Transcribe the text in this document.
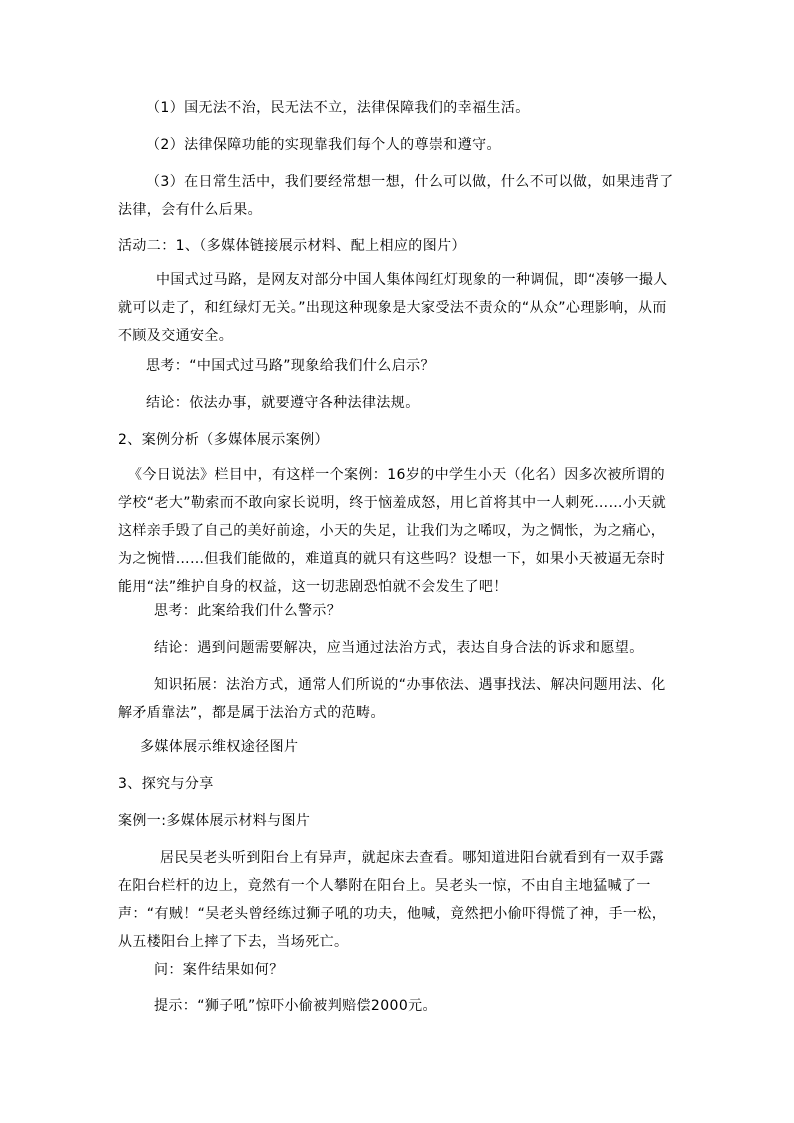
（1）国无法不治，民无法不立，法律保障我们的幸福生活。
（2）法律保障功能的实现靠我们每个人的尊崇和遵守。
（3）在日常生活中，我们要经常想一想，什么可以做，什么不可以做，如果违背了法律，会有什么后果。
活动二：1、（多媒体链接展示材料、配上相应的图片）
中国式过马路，是网友对部分中国人集体闯红灯现象的一种调侃，即“凑够一撮人就可以走了，和红绿灯无关。”出现这种现象是大家受法不责众的“从众”心理影响，从而不顾及交通安全。
思考：“中国式过马路”现象给我们什么启示？
结论：依法办事，就要遵守各种法律法规。
2、案例分析（多媒体展示案例）
《今日说法》栏目中，有这样一个案例：16岁的中学生小天（化名）因多次被所谓的学校“老大”勒索而不敢向家长说明，终于恼羞成怒，用匕首将其中一人刺死……小天就这样亲手毁了自己的美好前途，小天的失足，让我们为之唏叹，为之惆怅，为之痛心，为之惋惜……但我们能做的，难道真的就只有这些吗？设想一下，如果小天被逼无奈时能用“法”维护自身的权益，这一切悲剧恐怕就不会发生了吧！
思考：此案给我们什么警示？
结论：遇到问题需要解决，应当通过法治方式，表达自身合法的诉求和愿望。
知识拓展：法治方式，通常人们所说的“办事依法、遇事找法、解决问题用法、化解矛盾靠法”，都是属于法治方式的范畴。
多媒体展示维权途径图片
3、探究与分享
案例一:多媒体展示材料与图片
居民吴老头听到阳台上有异声，就起床去查看。哪知道进阳台就看到有一双手露在阳台栏杆的边上，竟然有一个人攀附在阳台上。吴老头一惊，不由自主地猛喊了一声：“有贼！“吴老头曾经练过狮子吼的功夫，他喊，竟然把小偷吓得慌了神，手一松，从五楼阳台上摔了下去，当场死亡。
问：案件结果如何？
提示：“狮子吼”惊吓小偷被判赔偿2000元。
